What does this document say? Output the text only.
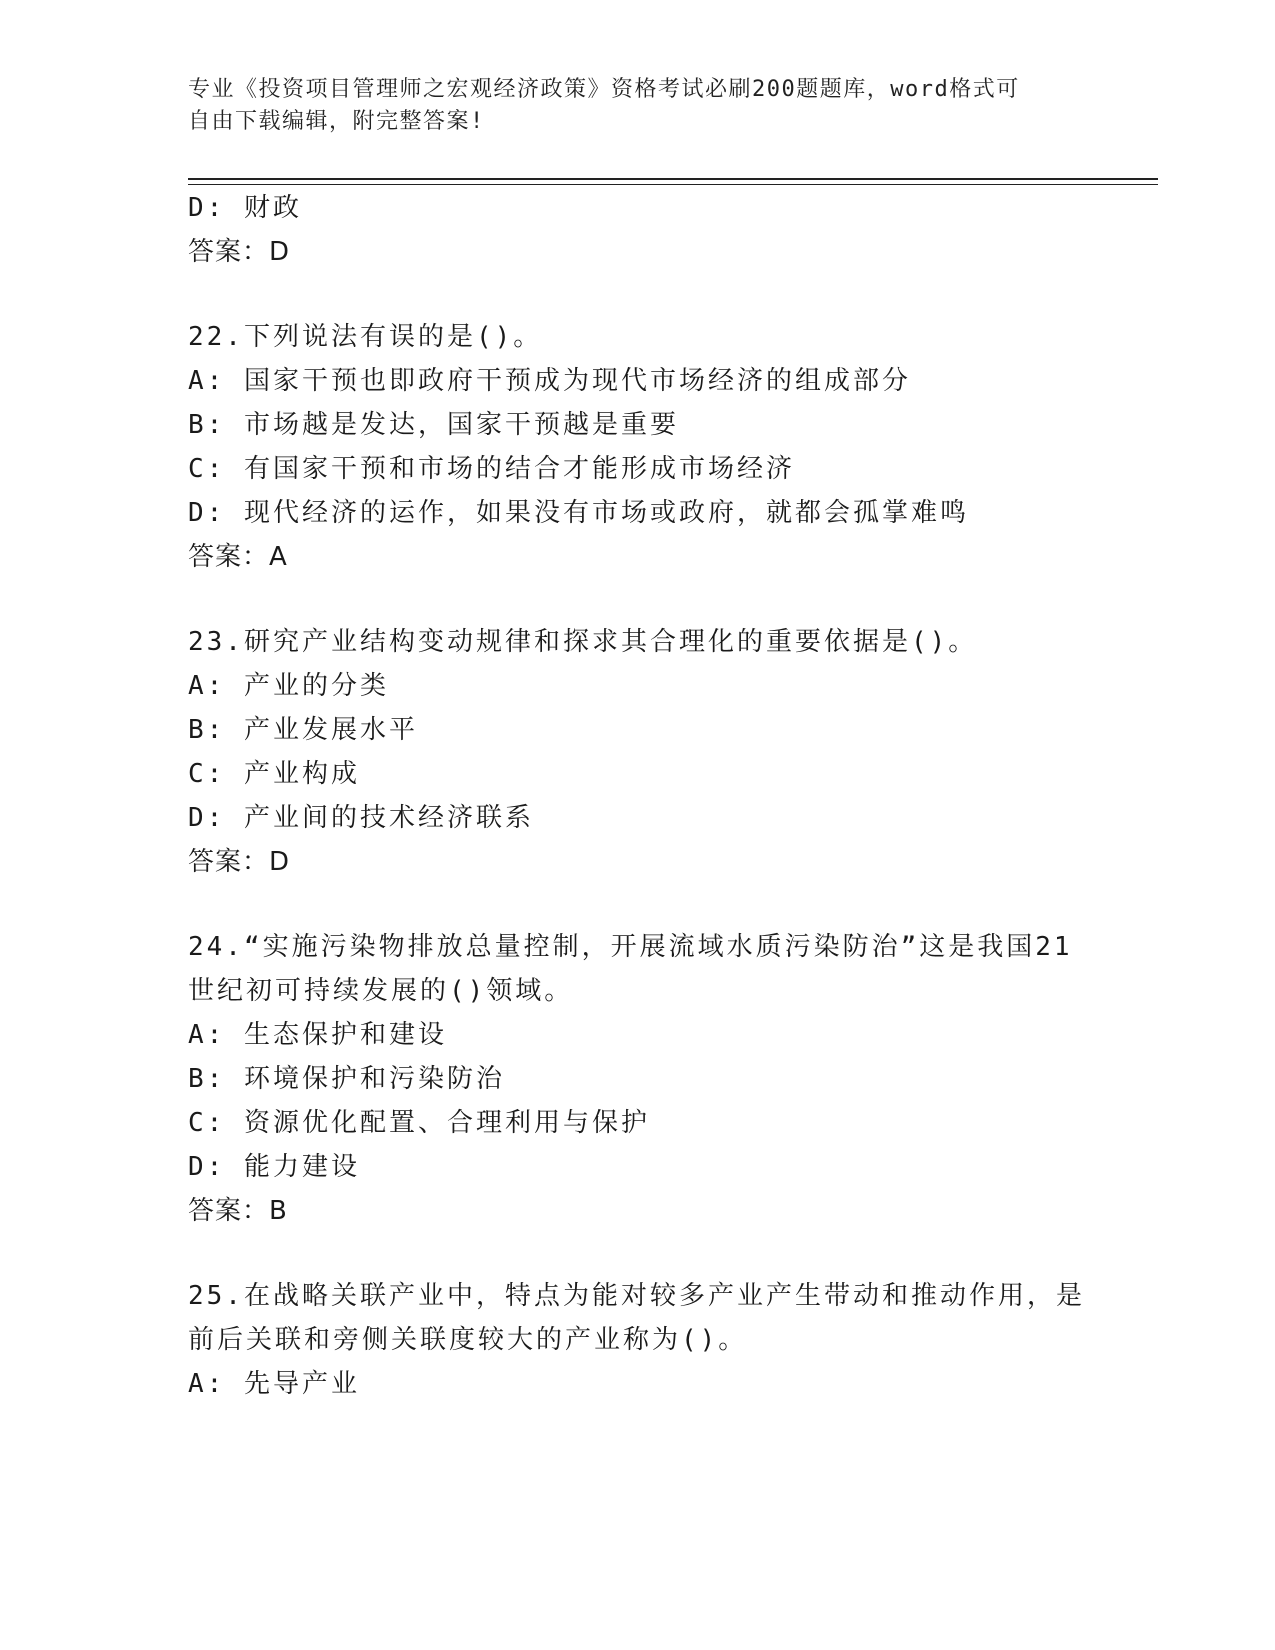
专业《投资项目管理师之宏观经济政策》资格考试必刷200题题库，word格式可
自由下载编辑，附完整答案!
D: 财政
答案：D
22.下列说法有误的是()。
A: 国家干预也即政府干预成为现代市场经济的组成部分
B: 市场越是发达，国家干预越是重要
C: 有国家干预和市场的结合才能形成市场经济
D: 现代经济的运作，如果没有市场或政府，就都会孤掌难鸣
答案：A
23.研究产业结构变动规律和探求其合理化的重要依据是()。
A: 产业的分类
B: 产业发展水平
C: 产业构成
D: 产业间的技术经济联系
答案：D
24.“实施污染物排放总量控制，开展流域水质污染防治”这是我国21
世纪初可持续发展的()领域。
A: 生态保护和建设
B: 环境保护和污染防治
C: 资源优化配置、合理利用与保护
D: 能力建设
答案：B
25.在战略关联产业中，特点为能对较多产业产生带动和推动作用，是
前后关联和旁侧关联度较大的产业称为()。
A: 先导产业
